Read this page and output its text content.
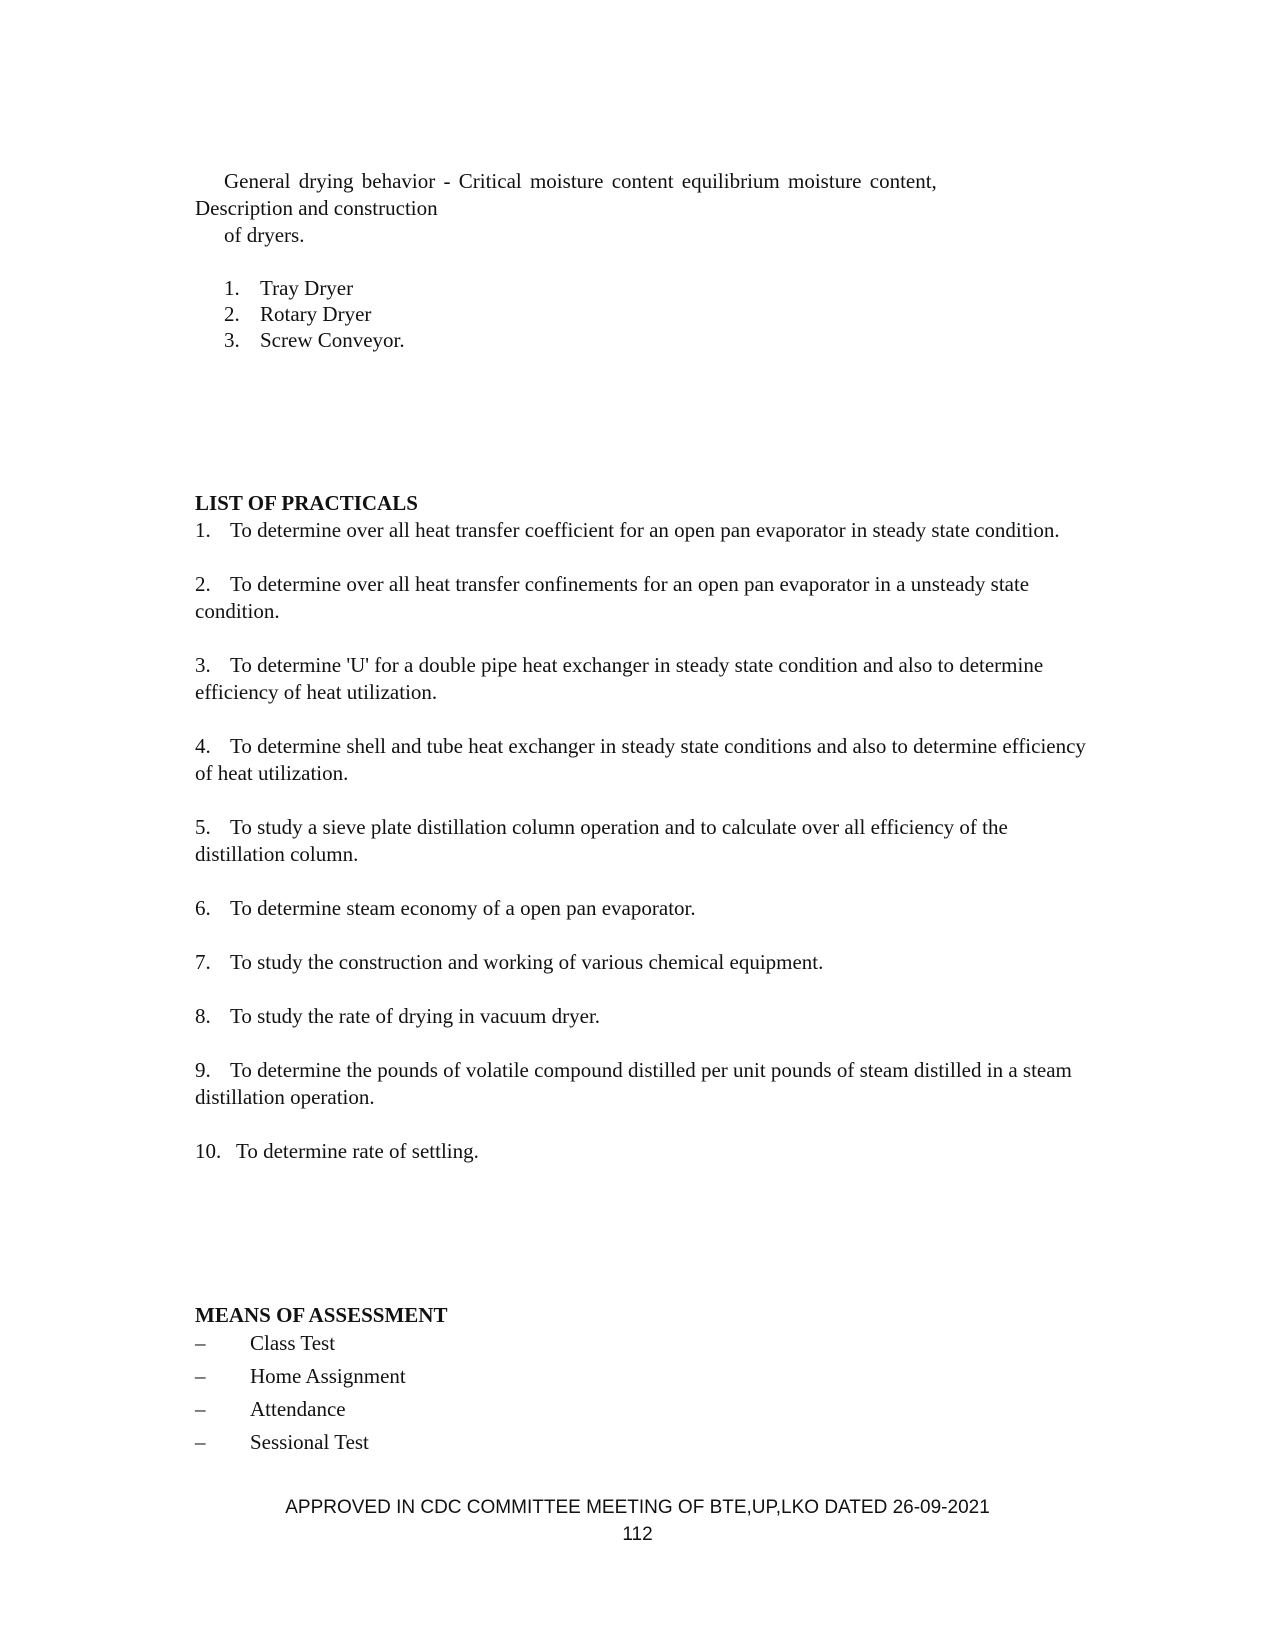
General drying behavior - Critical moisture content equilibrium moisture content,
Description and construction
of dryers.
1. Tray Dryer
2. Rotary Dryer
3. Screw Conveyor.
LIST OF PRACTICALS
1. To determine over all heat transfer coefficient for an open pan evaporator in steady state condition.
2. To determine over all heat transfer confinements for an open pan evaporator in a unsteady state condition.
3. To determine 'U' for a double pipe heat exchanger in steady state condition and also to determine efficiency of heat utilization.
4. To determine shell and tube heat exchanger in steady state conditions and also to determine efficiency of heat utilization.
5. To study a sieve plate distillation column operation and to calculate over all efficiency of the distillation column.
6. To determine steam economy of a open pan evaporator.
7. To study the construction and working of various chemical equipment.
8. To study the rate of drying in vacuum dryer.
9. To determine the pounds of volatile compound distilled per unit pounds of steam distilled in a steam distillation operation.
10. To determine rate of settling.
MEANS OF ASSESSMENT
– Class Test
– Home Assignment
– Attendance
– Sessional Test
APPROVED IN CDC COMMITTEE MEETING OF BTE,UP,LKO DATED 26-09-2021
112
